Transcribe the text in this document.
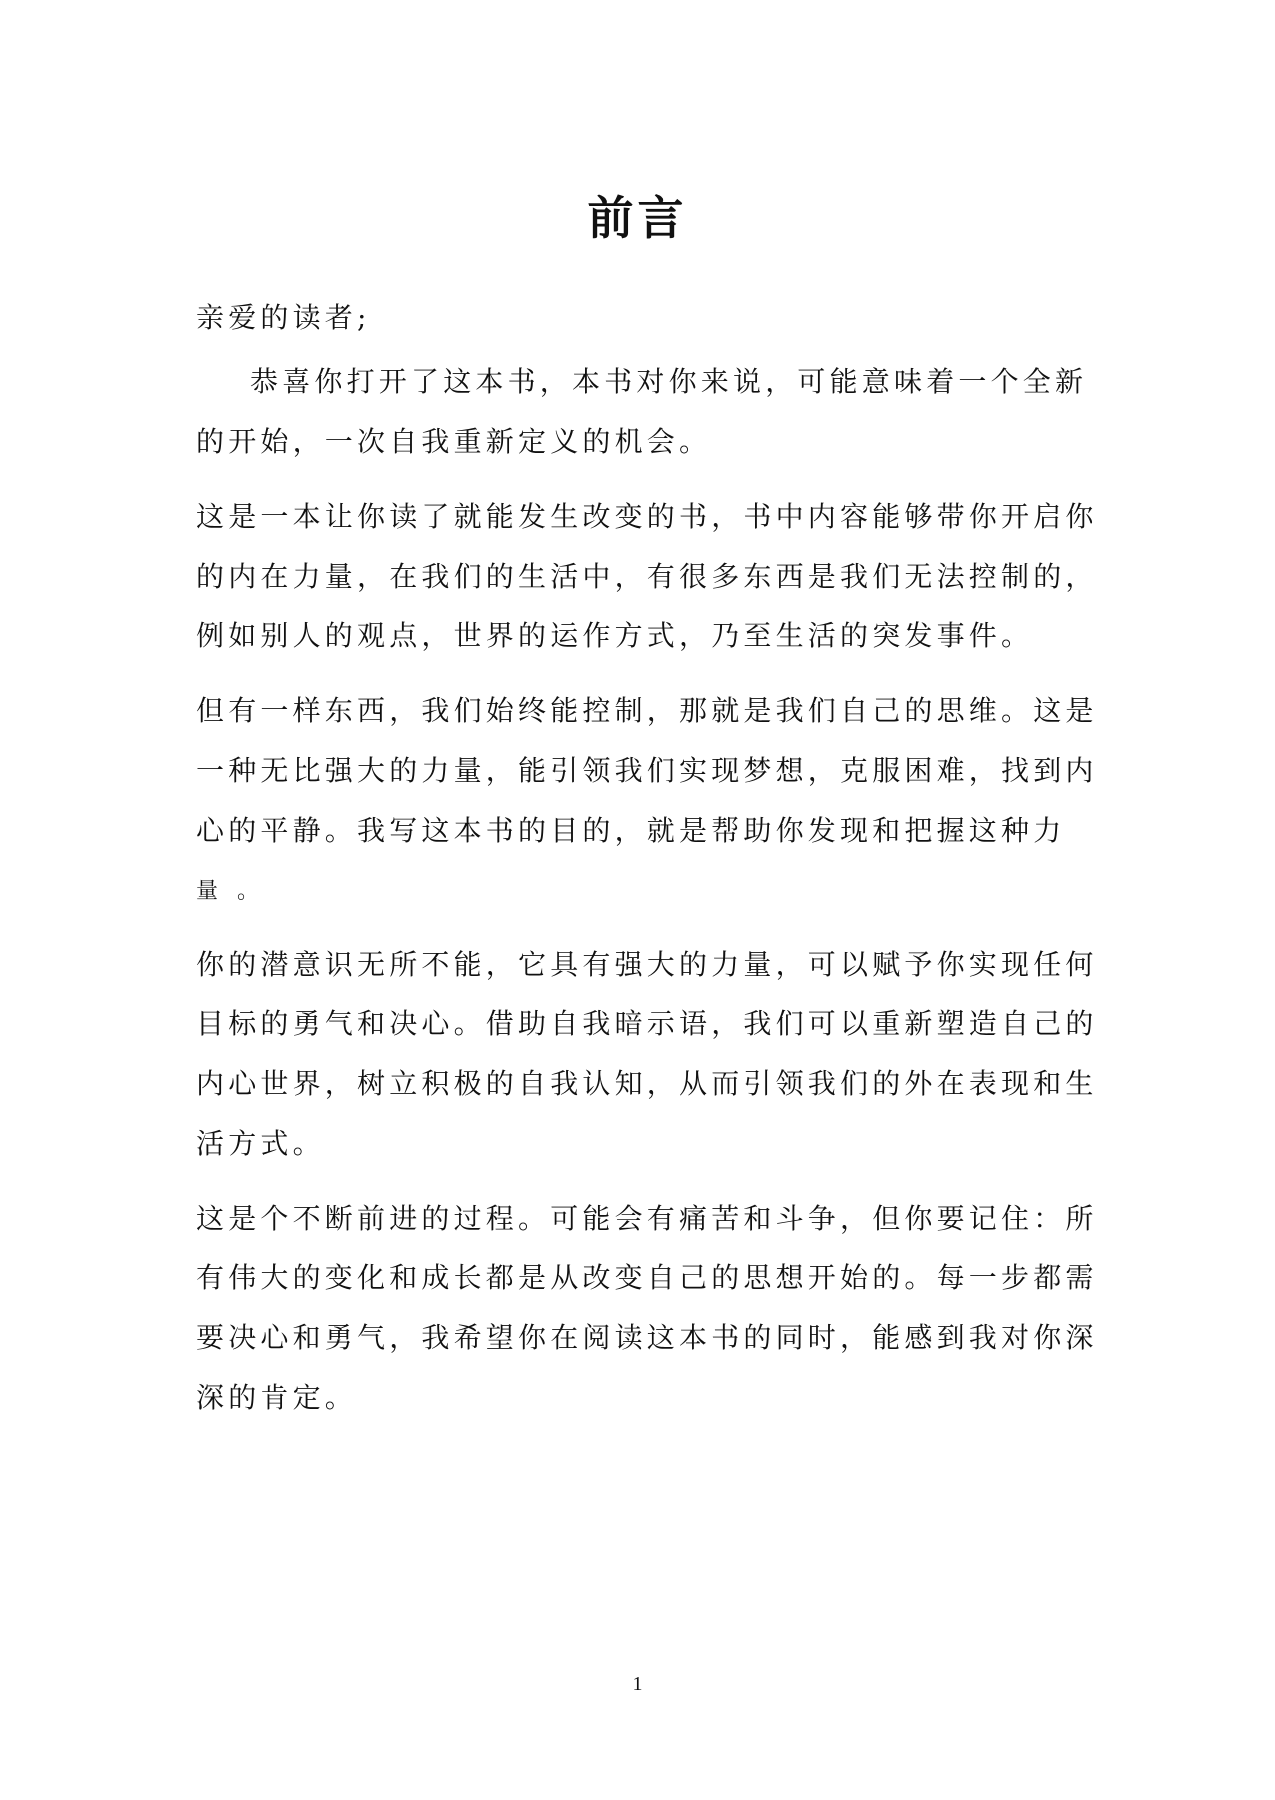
前言
亲爱的读者;
恭喜你打开了这本书，本书对你来说，可能意味着一个全新
的开始，一次自我重新定义的机会。
这是一本让你读了就能发生改变的书，书中内容能够带你开启你
的内在力量，在我们的生活中，有很多东西是我们无法控制的，
例如别人的观点，世界的运作方式，乃至生活的突发事件。
但有一样东西，我们始终能控制，那就是我们自己的思维。这是
一种无比强大的力量，能引领我们实现梦想，克服困难，找到内
心的平静。我写这本书的目的，就是帮助你发现和把握这种力
量 。
你的潜意识无所不能，它具有强大的力量，可以赋予你实现任何
目标的勇气和决心。借助自我暗示语，我们可以重新塑造自己的
内心世界，树立积极的自我认知，从而引领我们的外在表现和生
活方式。
这是个不断前进的过程。可能会有痛苦和斗争，但你要记住：所
有伟大的变化和成长都是从改变自己的思想开始的。每一步都需
要决心和勇气，我希望你在阅读这本书的同时，能感到我对你深
深的肯定。
1
